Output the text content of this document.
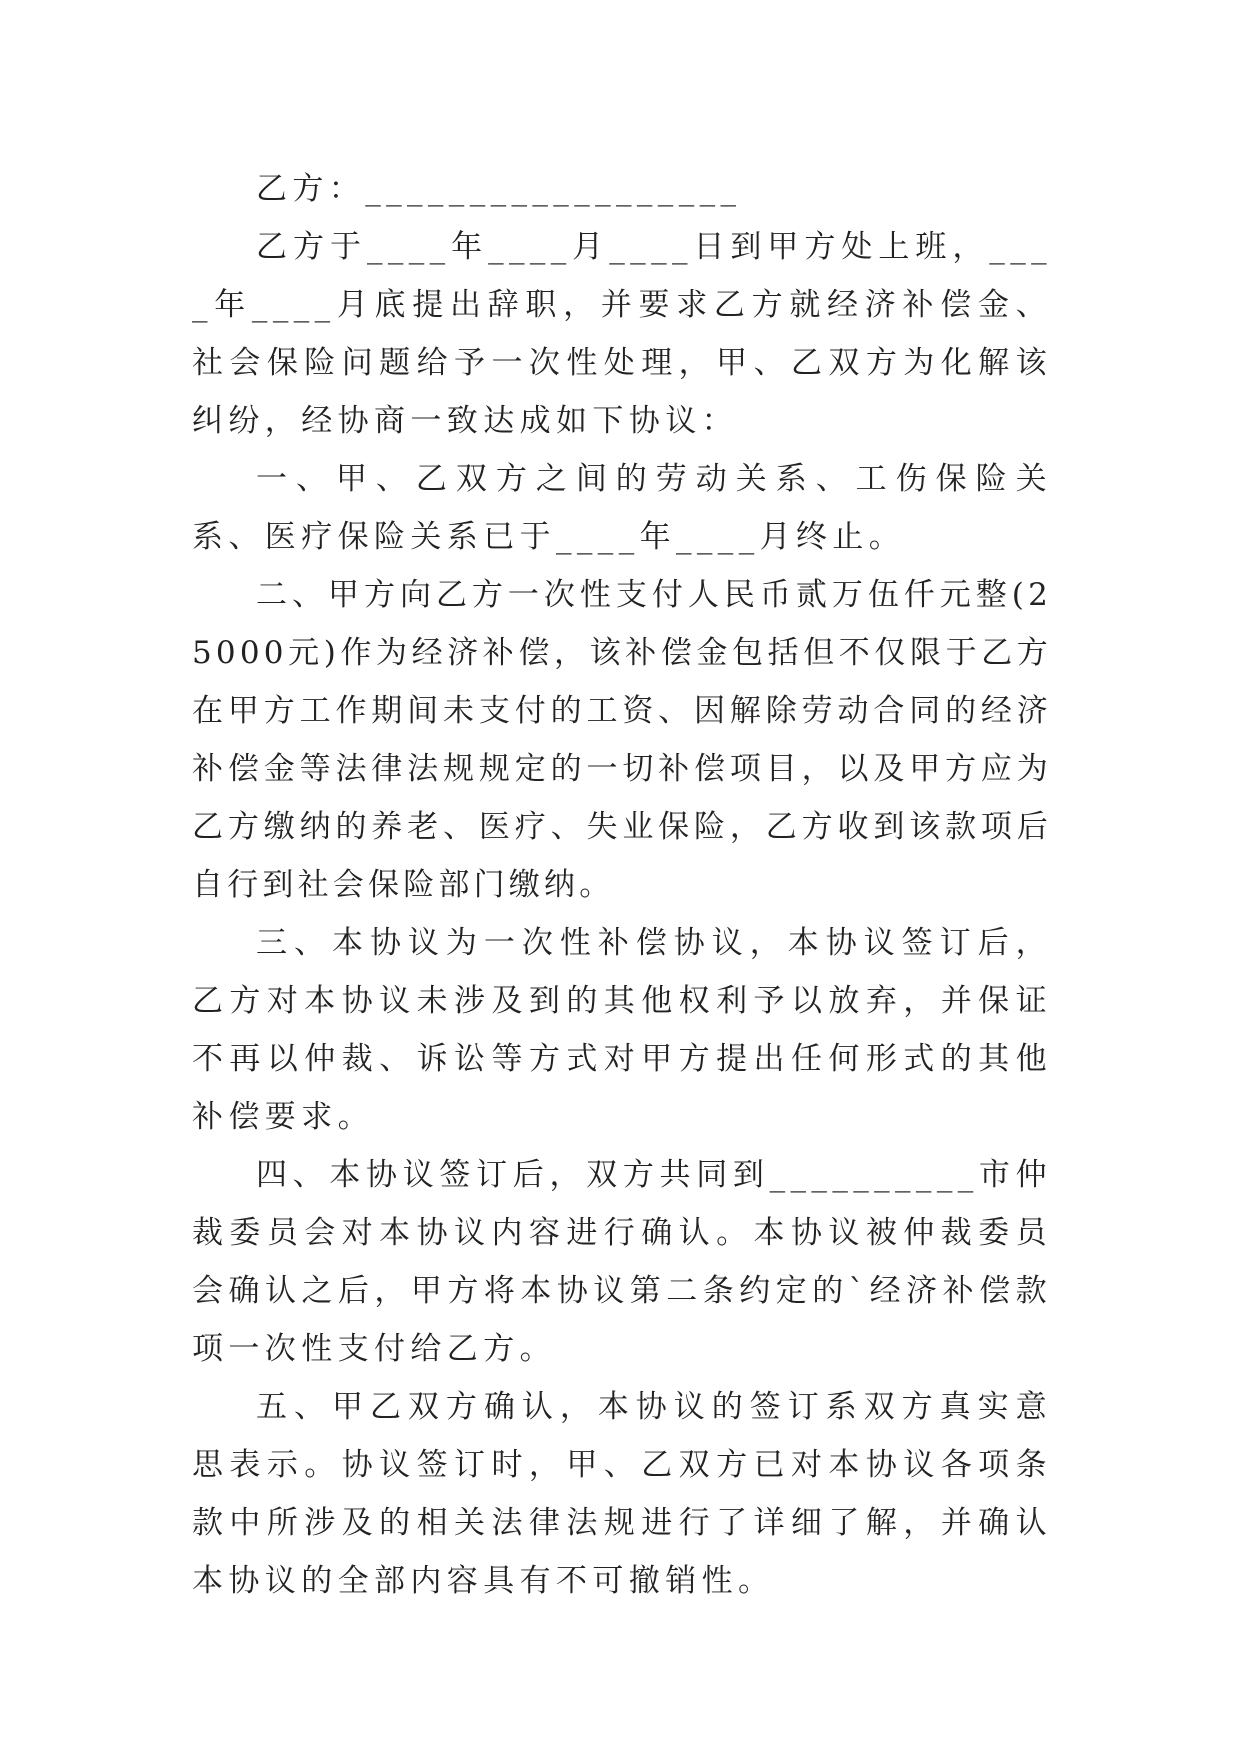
乙方：__________________

乙方于____年____月____日到甲方处上班，____年____月底提出辞职，并要求乙方就经济补偿金、社会保险问题给予一次性处理，甲、乙双方为化解该纠纷，经协商一致达成如下协议：

一、甲、乙双方之间的劳动关系、工伤保险关系、医疗保险关系已于____年____月终止。

二、甲方向乙方一次性支付人民币贰万伍仟元整(25000元)作为经济补偿，该补偿金包括但不仅限于乙方在甲方工作期间未支付的工资、因解除劳动合同的经济补偿金等法律法规规定的一切补偿项目，以及甲方应为乙方缴纳的养老、医疗、失业保险，乙方收到该款项后自行到社会保险部门缴纳。

三、本协议为一次性补偿协议，本协议签订后，乙方对本协议未涉及到的其他权利予以放弃，并保证不再以仲裁、诉讼等方式对甲方提出任何形式的其他补偿要求。

四、本协议签订后，双方共同到__________市仲裁委员会对本协议内容进行确认。本协议被仲裁委员会确认之后，甲方将本协议第二条约定的`经济补偿款项一次性支付给乙方。

五、甲乙双方确认，本协议的签订系双方真实意思表示。协议签订时，甲、乙双方已对本协议各项条款中所涉及的相关法律法规进行了详细了解，并确认本协议的全部内容具有不可撤销性。
